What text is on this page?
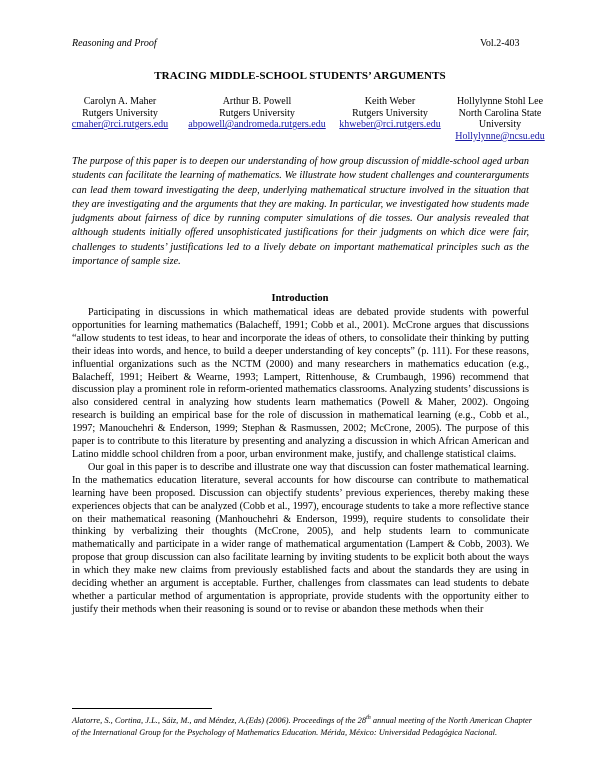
Reasoning and Proof	Vol.2-403
TRACING MIDDLE-SCHOOL STUDENTS’ ARGUMENTS
Carolyn A. Maher
Rutgers University
cmaher@rci.rutgers.edu
Arthur B. Powell
Rutgers University
abpowell@andromeda.rutgers.edu
Keith Weber
Rutgers University
khweber@rci.rutgers.edu
Hollylynne Stohl Lee
North Carolina State
University
Hollylynne@ncsu.edu
The purpose of this paper is to deepen our understanding of how group discussion of middle-school aged urban students can facilitate the learning of mathematics. We illustrate how student challenges and counterarguments can lead them toward investigating the deep, underlying mathematical structure involved in the situation that they are investigating and the arguments that they are making. In particular, we investigated how students made judgments about fairness of dice by running computer simulations of die tosses. Our analysis revealed that although students initially offered unsophisticated justifications for their judgments on which dice were fair, challenges to students’ justifications led to a lively debate on important mathematical principles such as the importance of sample size.
Introduction

Participating in discussions in which mathematical ideas are debated provide students with powerful opportunities for learning mathematics (Balacheff, 1991; Cobb et al., 2001). McCrone argues that discussions “allow students to test ideas, to hear and incorporate the ideas of others, to consolidate their thinking by putting their ideas into words, and hence, to build a deeper understanding of key concepts” (p. 111). For these reasons, influential organizations such as the NCTM (2000) and many researchers in mathematics education (e.g., Balacheff, 1991; Heibert & Wearne, 1993; Lampert, Rittenhouse, & Crumbaugh, 1996) recommend that discussion play a prominent role in reform-oriented mathematics classrooms. Analyzing students’ discussions is also considered central in analyzing how students learn mathematics (Powell & Maher, 2002). Ongoing research is building an empirical base for the role of discussion in mathematical learning (e.g., Cobb et al., 1997; Manouchehri & Enderson, 1999; Stephan & Rasmussen, 2002; McCrone, 2005). The purpose of this paper is to contribute to this literature by presenting and analyzing a discussion in which African American and Latino middle school children from a poor, urban environment make, justify, and challenge statistical claims.

Our goal in this paper is to describe and illustrate one way that discussion can foster mathematical learning. In the mathematics education literature, several accounts for how discourse can contribute to mathematical learning have been proposed. Discussion can objectify students’ previous experiences, thereby making these experiences objects that can be analyzed (Cobb et al., 1997), encourage students to take a more reflective stance on their mathematical reasoning (Manhouchehri & Enderson, 1999), require students to consolidate their thinking by verbalizing their thoughts (McCrone, 2005), and help students learn to communicate mathematically and participate in a wider range of mathematical argumentation (Lampert & Cobb, 2003). We propose that group discussion can also facilitate learning by inviting students to be explicit both about the ways in which they make new claims from previously established facts and about the standards they are using in deciding whether an argument is acceptable. Further, challenges from classmates can lead students to debate whether a particular method of argumentation is appropriate, provide students with the opportunity either to justify their methods when their reasoning is sound or to revise or abandon these methods when their

Alatorre, S., Cortina, J.L., Sáiz, M., and Méndez, A.(Eds) (2006). Proceedings of the 28th annual meeting of the North American Chapter of the International Group for the Psychology of Mathematics Education. Mérida, México: Universidad Pedagógica Nacional.
